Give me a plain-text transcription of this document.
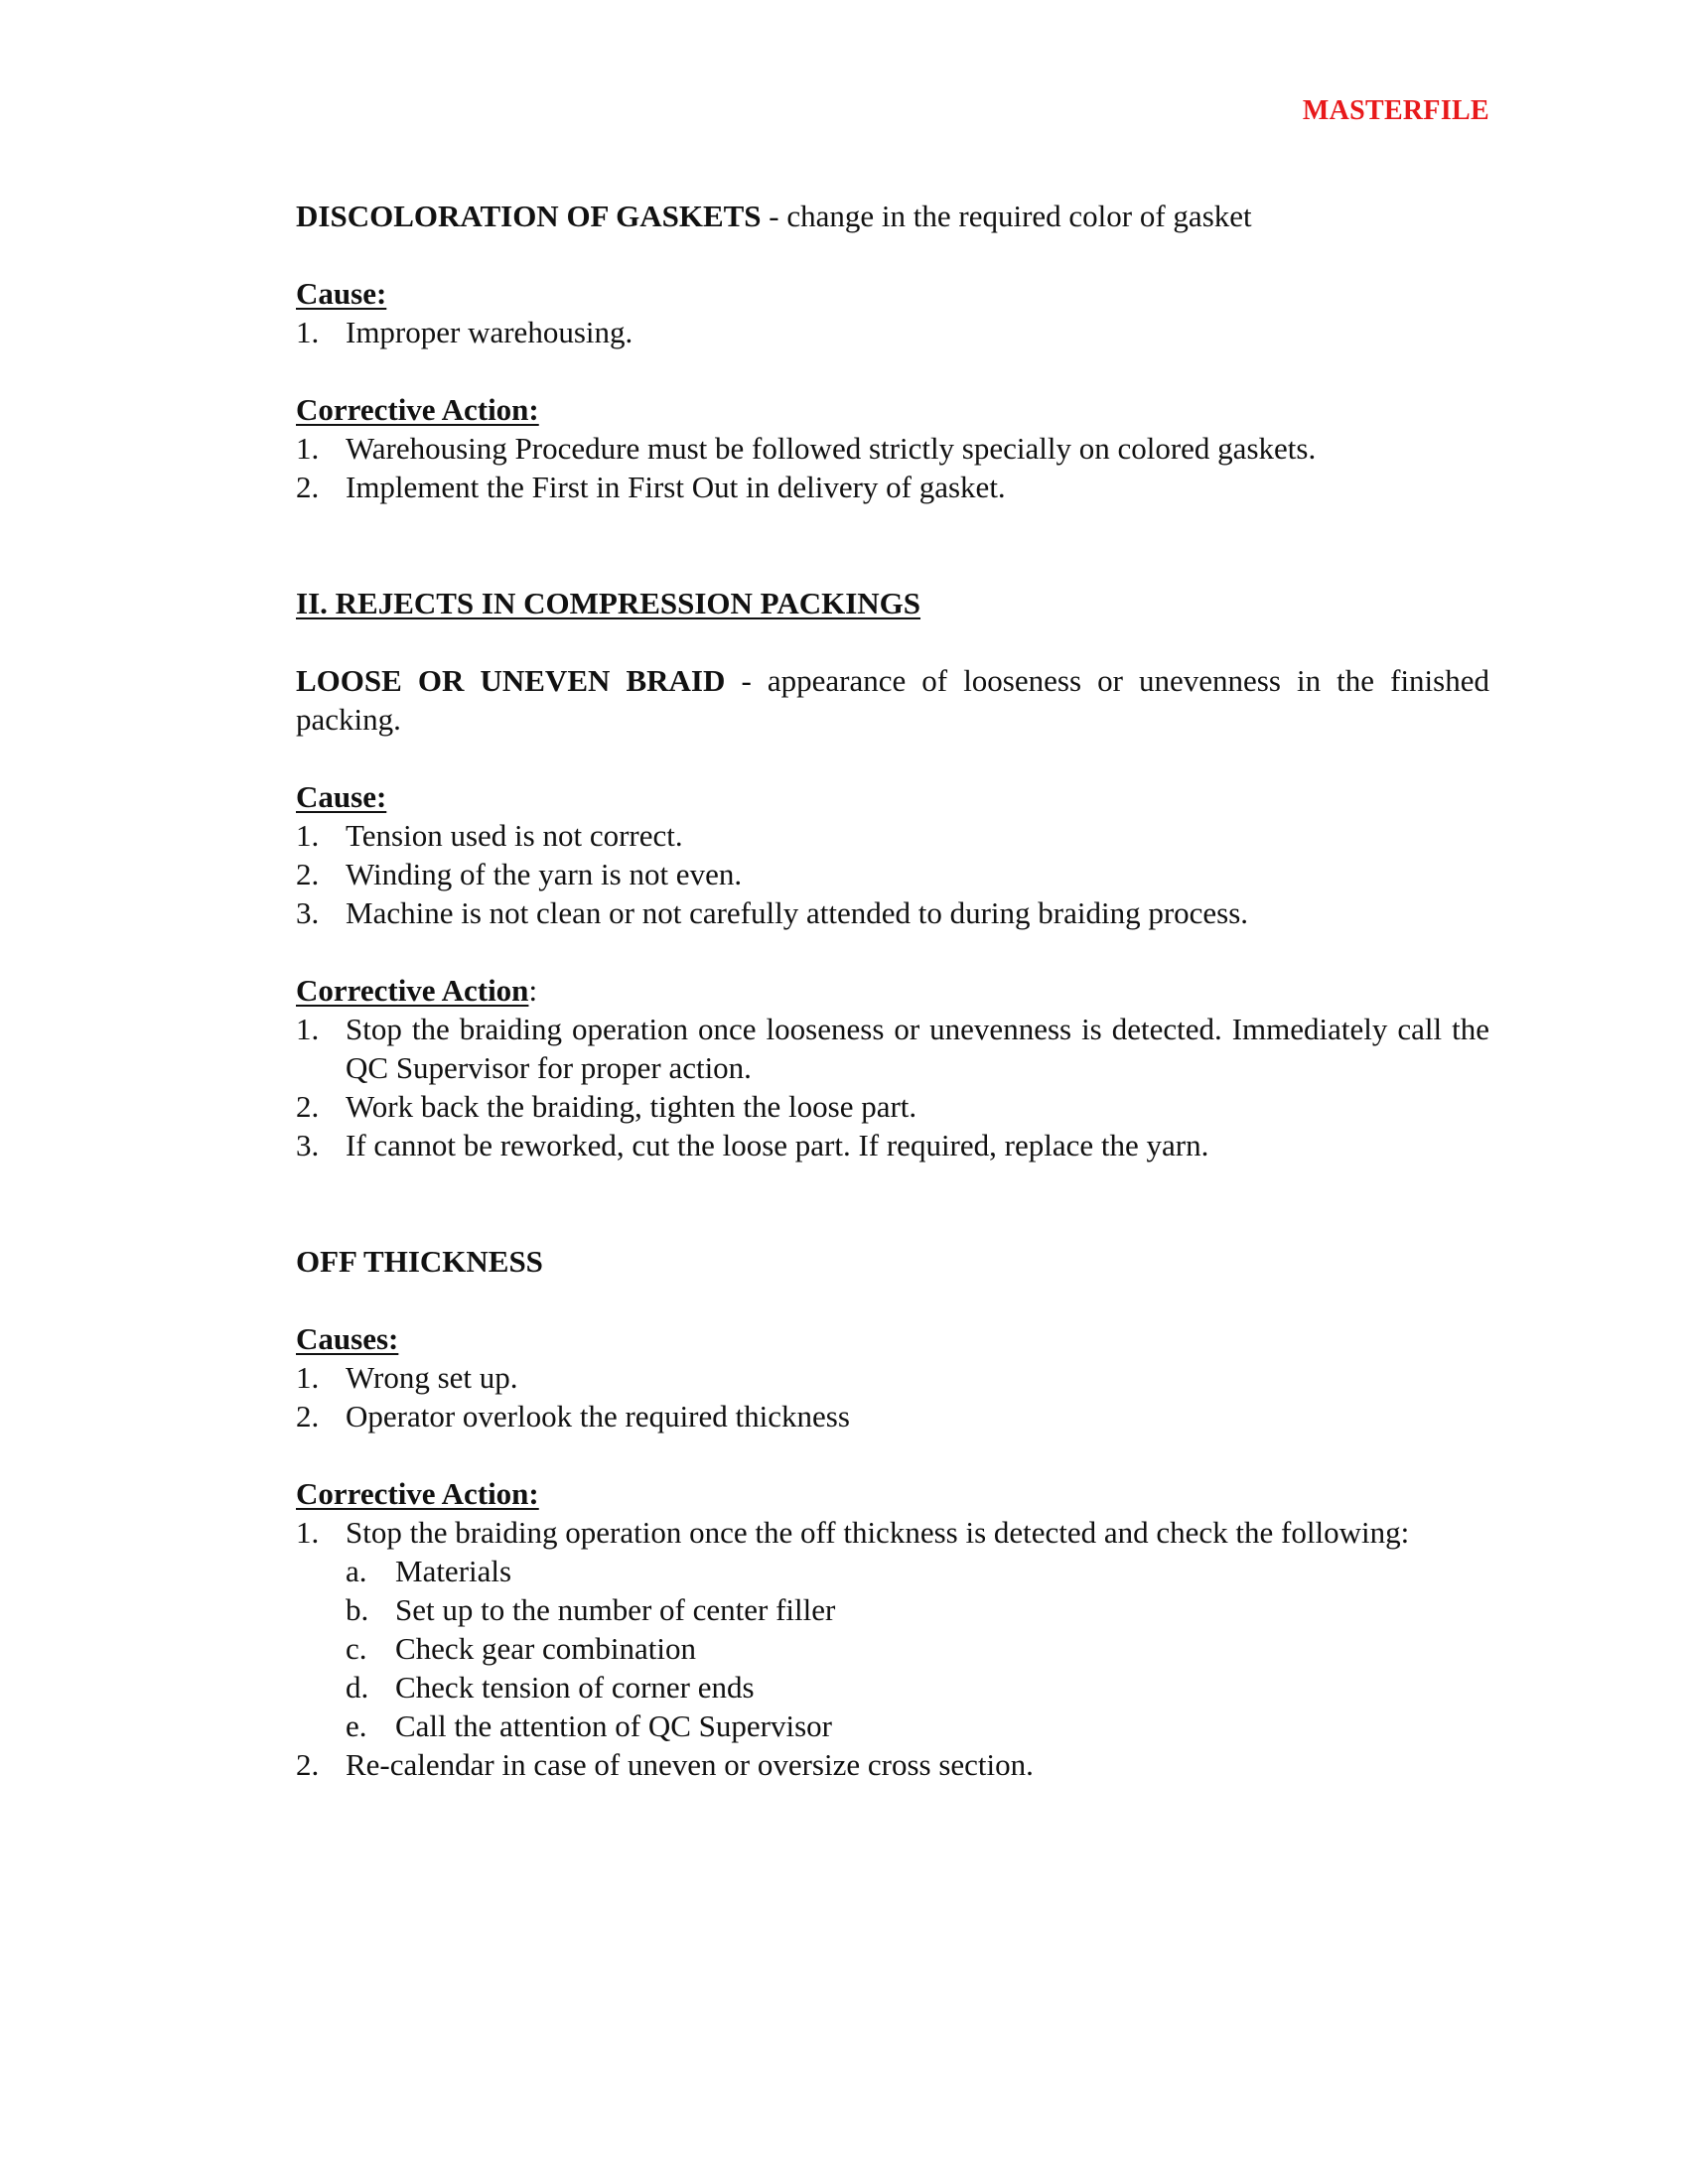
MASTERFILE

DISCOLORATION OF GASKETS - change in the required color of gasket

Cause:

1. Improper warehousing.

Corrective Action:

1. Warehousing Procedure must be followed strictly specially on colored gaskets.
2. Implement the First in First Out in delivery of gasket.

II. REJECTS IN COMPRESSION PACKINGS

LOOSE OR UNEVEN BRAID - appearance of looseness or unevenness in the finished packing.

Cause:

1. Tension used is not correct.
2. Winding of the yarn is not even.
3. Machine is not clean or not carefully attended to during braiding process.

Corrective Action:

1. Stop the braiding operation once looseness or unevenness is detected. Immediately call the QC Supervisor for proper action.
2. Work back the braiding, tighten the loose part.
3. If cannot be reworked, cut the loose part. If required, replace the yarn.

OFF THICKNESS

Causes:

1. Wrong set up.
2. Operator overlook the required thickness

Corrective Action:

1. Stop the braiding operation once the off thickness is detected and check the following:
a. Materials
b. Set up to the number of center filler
c. Check gear combination
d. Check tension of corner ends
e. Call the attention of QC Supervisor
2. Re-calendar in case of uneven or oversize cross section.
